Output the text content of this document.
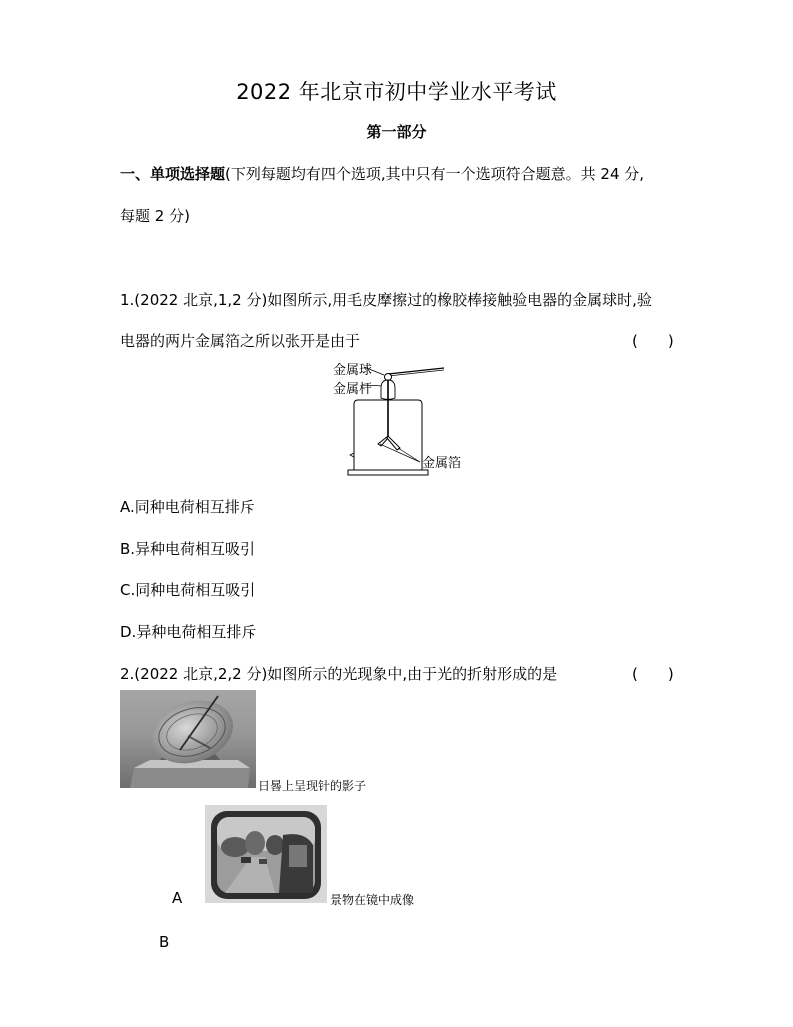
2022 年北京市初中学业水平考试
第一部分
一、单项选择题(下列每题均有四个选项,其中只有一个选项符合题意。共 24 分,
每题 2 分)
1.(2022 北京,1,2 分)如图所示,用毛皮摩擦过的橡胶棒接触验电器的金属球时,验
电器的两片金属箔之所以张开是由于	(　　)
金属球
金属杆
金属箔
A.同种电荷相互排斥
B.异种电荷相互吸引
C.同种电荷相互吸引
D.异种电荷相互排斥
2.(2022 北京,2,2 分)如图所示的光现象中,由于光的折射形成的是	(　　)
日晷上呈现针的影子
景物在镜中成像
A
B
